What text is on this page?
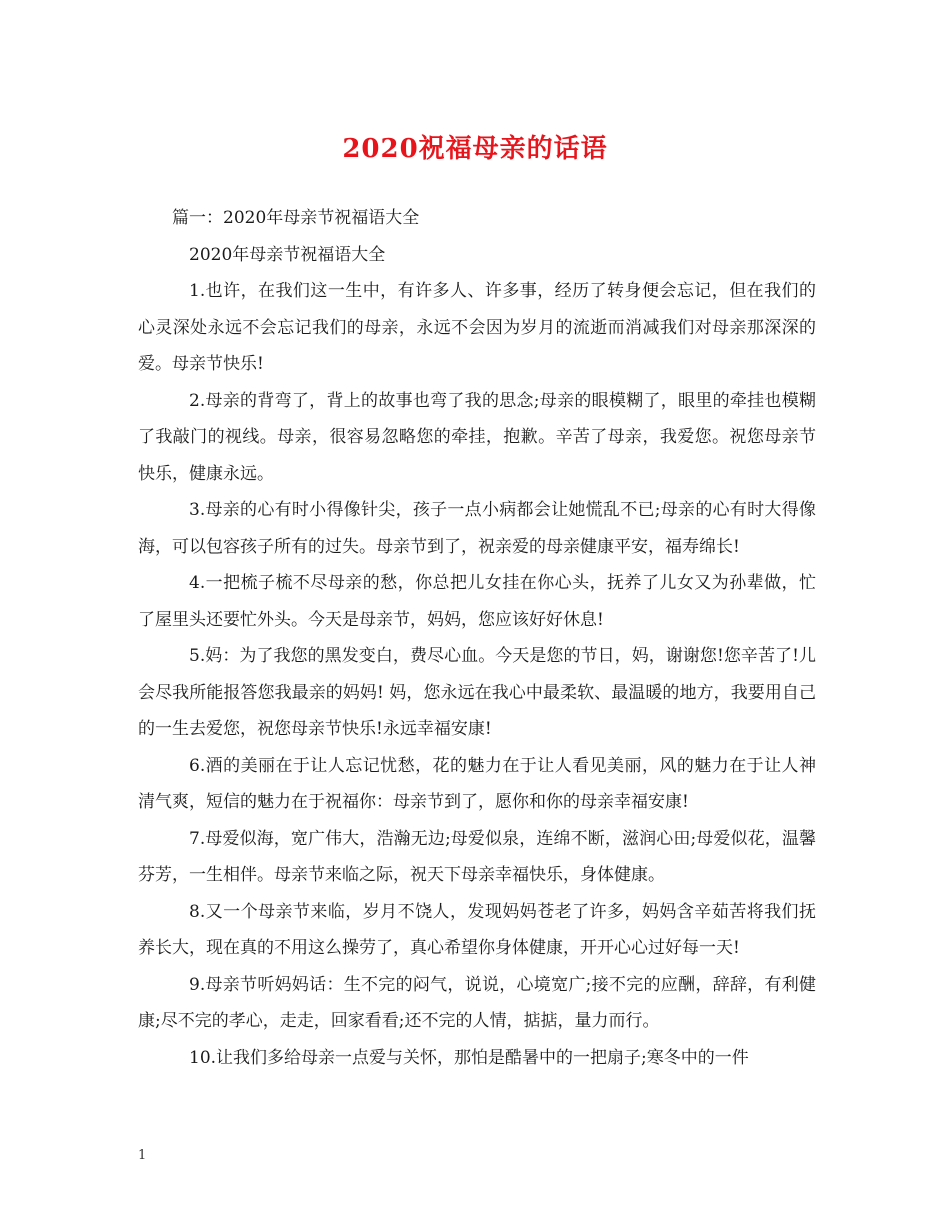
2020祝福母亲的话语

篇一：2020年母亲节祝福语大全

2020年母亲节祝福语大全

1.也许，在我们这一生中，有许多人、许多事，经历了转身便会忘记，但在我们的心灵深处永远不会忘记我们的母亲，永远不会因为岁月的流逝而消减我们对母亲那深深的爱。母亲节快乐!

2.母亲的背弯了，背上的故事也弯了我的思念;母亲的眼模糊了，眼里的牵挂也模糊了我敲门的视线。母亲，很容易忽略您的牵挂，抱歉。辛苦了母亲，我爱您。祝您母亲节快乐，健康永远。

3.母亲的心有时小得像针尖，孩子一点小病都会让她慌乱不已;母亲的心有时大得像海，可以包容孩子所有的过失。母亲节到了，祝亲爱的母亲健康平安，福寿绵长!

4.一把梳子梳不尽母亲的愁，你总把儿女挂在你心头，抚养了儿女又为孙辈做，忙了屋里头还要忙外头。今天是母亲节，妈妈，您应该好好休息!

5.妈：为了我您的黑发变白，费尽心血。今天是您的节日，妈，谢谢您!您辛苦了!儿会尽我所能报答您我最亲的妈妈! 妈，您永远在我心中最柔软、最温暖的地方，我要用自己的一生去爱您，祝您母亲节快乐!永远幸福安康!

6.酒的美丽在于让人忘记忧愁，花的魅力在于让人看见美丽，风的魅力在于让人神清气爽，短信的魅力在于祝福你：母亲节到了，愿你和你的母亲幸福安康!

7.母爱似海，宽广伟大，浩瀚无边;母爱似泉，连绵不断，滋润心田;母爱似花，温馨芬芳，一生相伴。母亲节来临之际，祝天下母亲幸福快乐，身体健康。

8.又一个母亲节来临，岁月不饶人，发现妈妈苍老了许多，妈妈含辛茹苦将我们抚养长大，现在真的不用这么操劳了，真心希望你身体健康，开开心心过好每一天!

9.母亲节听妈妈话：生不完的闷气，说说，心境宽广;接不完的应酬，辞辞，有利健康;尽不完的孝心，走走，回家看看;还不完的人情，掂掂，量力而行。

10.让我们多给母亲一点爱与关怀，那怕是酷暑中的一把扇子;寒冬中的一件

1
